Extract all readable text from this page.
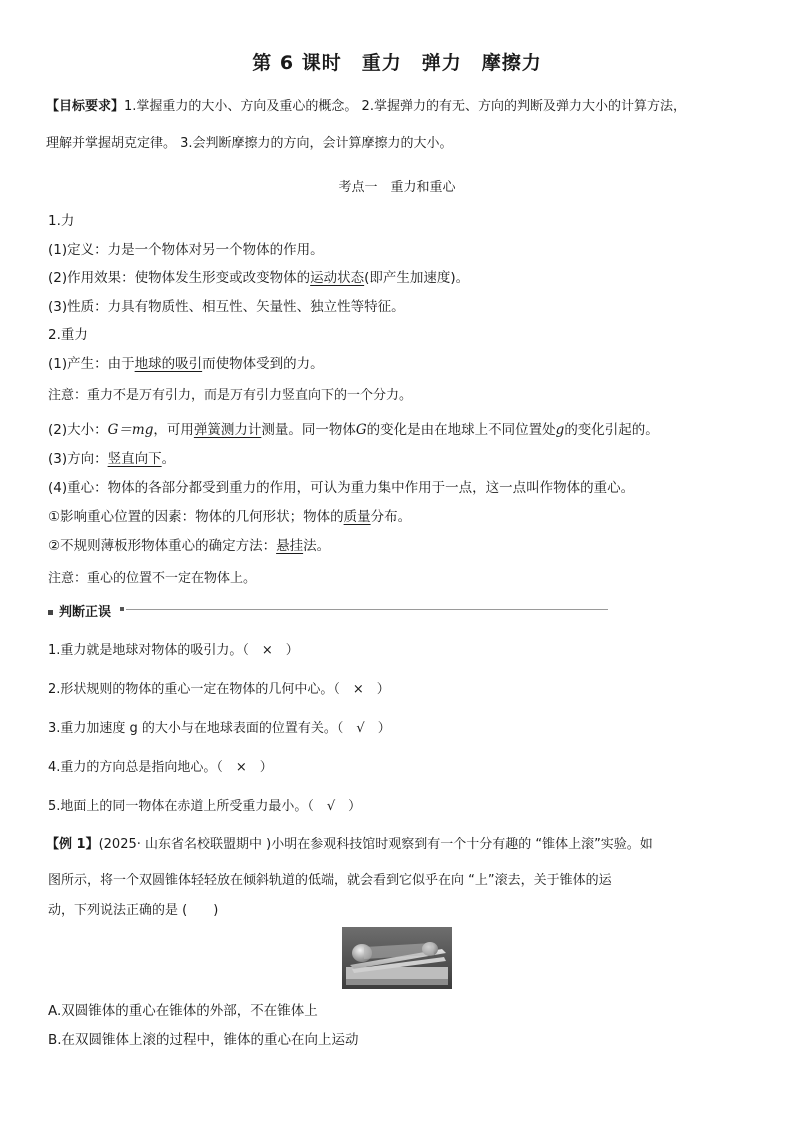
第 6 课时　重力　弹力　摩擦力
【目标要求】1.掌握重力的大小、方向及重心的概念。 2.掌握弹力的有无、方向的判断及弹力大小的计算方法，
理解并掌握胡克定律。 3.会判断摩擦力的方向，会计算摩擦力的大小。
考点一　重力和重心
1.力
(1)定义：力是一个物体对另一个物体的作用。
(2)作用效果：使物体发生形变或改变物体的运动状态(即产生加速度)。
(3)性质：力具有物质性、相互性、矢量性、独立性等特征。
2.重力
(1)产生：由于地球的吸引而使物体受到的力。
注意：重力不是万有引力，而是万有引力竖直向下的一个分力。
(2)大小：G＝mg，可用弹簧测力计测量。同一物体G的变化是由在地球上不同位置处g的变化引起的。
(3)方向：竖直向下。
(4)重心：物体的各部分都受到重力的作用，可认为重力集中作用于一点，这一点叫作物体的重心。
①影响重心位置的因素：物体的几何形状；物体的质量分布。
②不规则薄板形物体重心的确定方法：悬挂法。
注意：重心的位置不一定在物体上。
判断正误
1.重力就是地球对物体的吸引力。（　×　）
2.形状规则的物体的重心一定在物体的几何中心。（　×　）
3.重力加速度 g 的大小与在地球表面的位置有关。（　√　）
4.重力的方向总是指向地心。（　×　）
5.地面上的同一物体在赤道上所受重力最小。（　√　）
【例 1】(2025· 山东省名校联盟期中 )小明在参观科技馆时观察到有一个十分有趣的 “锥体上滚”实验。如
图所示，将一个双圆锥体轻轻放在倾斜轨道的低端，就会看到它似乎在向 “上”滚去，关于锥体的运
动，下列说法正确的是 (　　)
A.双圆锥体的重心在锥体的外部，不在锥体上
B.在双圆锥体上滚的过程中，锥体的重心在向上运动
